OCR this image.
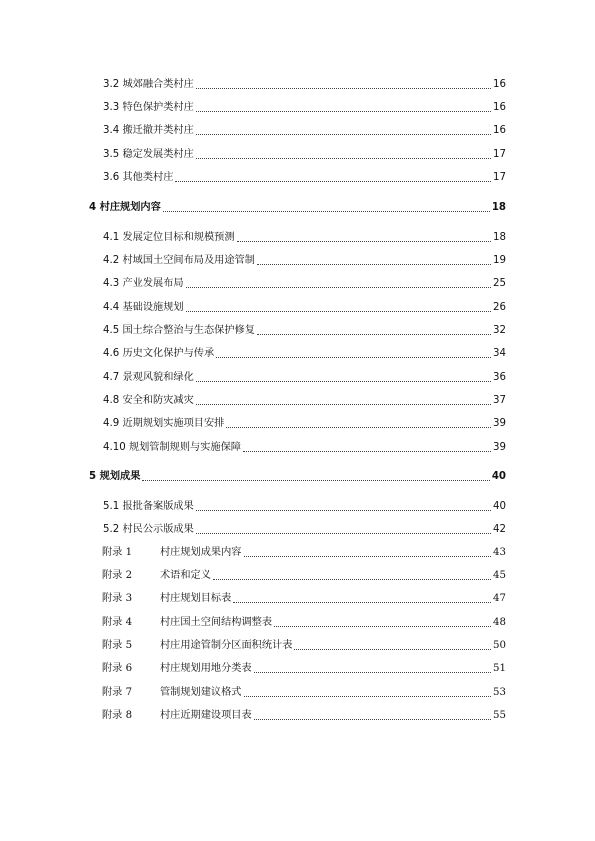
3.2 城郊融合类村庄	16
3.3 特色保护类村庄	16
3.4 搬迁撤并类村庄	16
3.5 稳定发展类村庄	17
3.6 其他类村庄	17
4 村庄规划内容	18
4.1 发展定位目标和规模预测	18
4.2 村域国土空间布局及用途管制	19
4.3 产业发展布局	25
4.4 基础设施规划	26
4.5 国土综合整治与生态保护修复	32
4.6 历史文化保护与传承	34
4.7 景观风貌和绿化	36
4.8 安全和防灾减灾	37
4.9 近期规划实施项目安排	39
4.10 规划管制规则与实施保障	39
5 规划成果	40
5.1 报批备案版成果	40
5.2 村民公示版成果	42
附录 1	村庄规划成果内容	43
附录 2	术语和定义	45
附录 3	村庄规划目标表	47
附录 4	村庄国土空间结构调整表	48
附录 5	村庄用途管制分区面积统计表	50
附录 6	村庄规划用地分类表	51
附录 7	管制规划建议格式	53
附录 8	村庄近期建设项目表	55
